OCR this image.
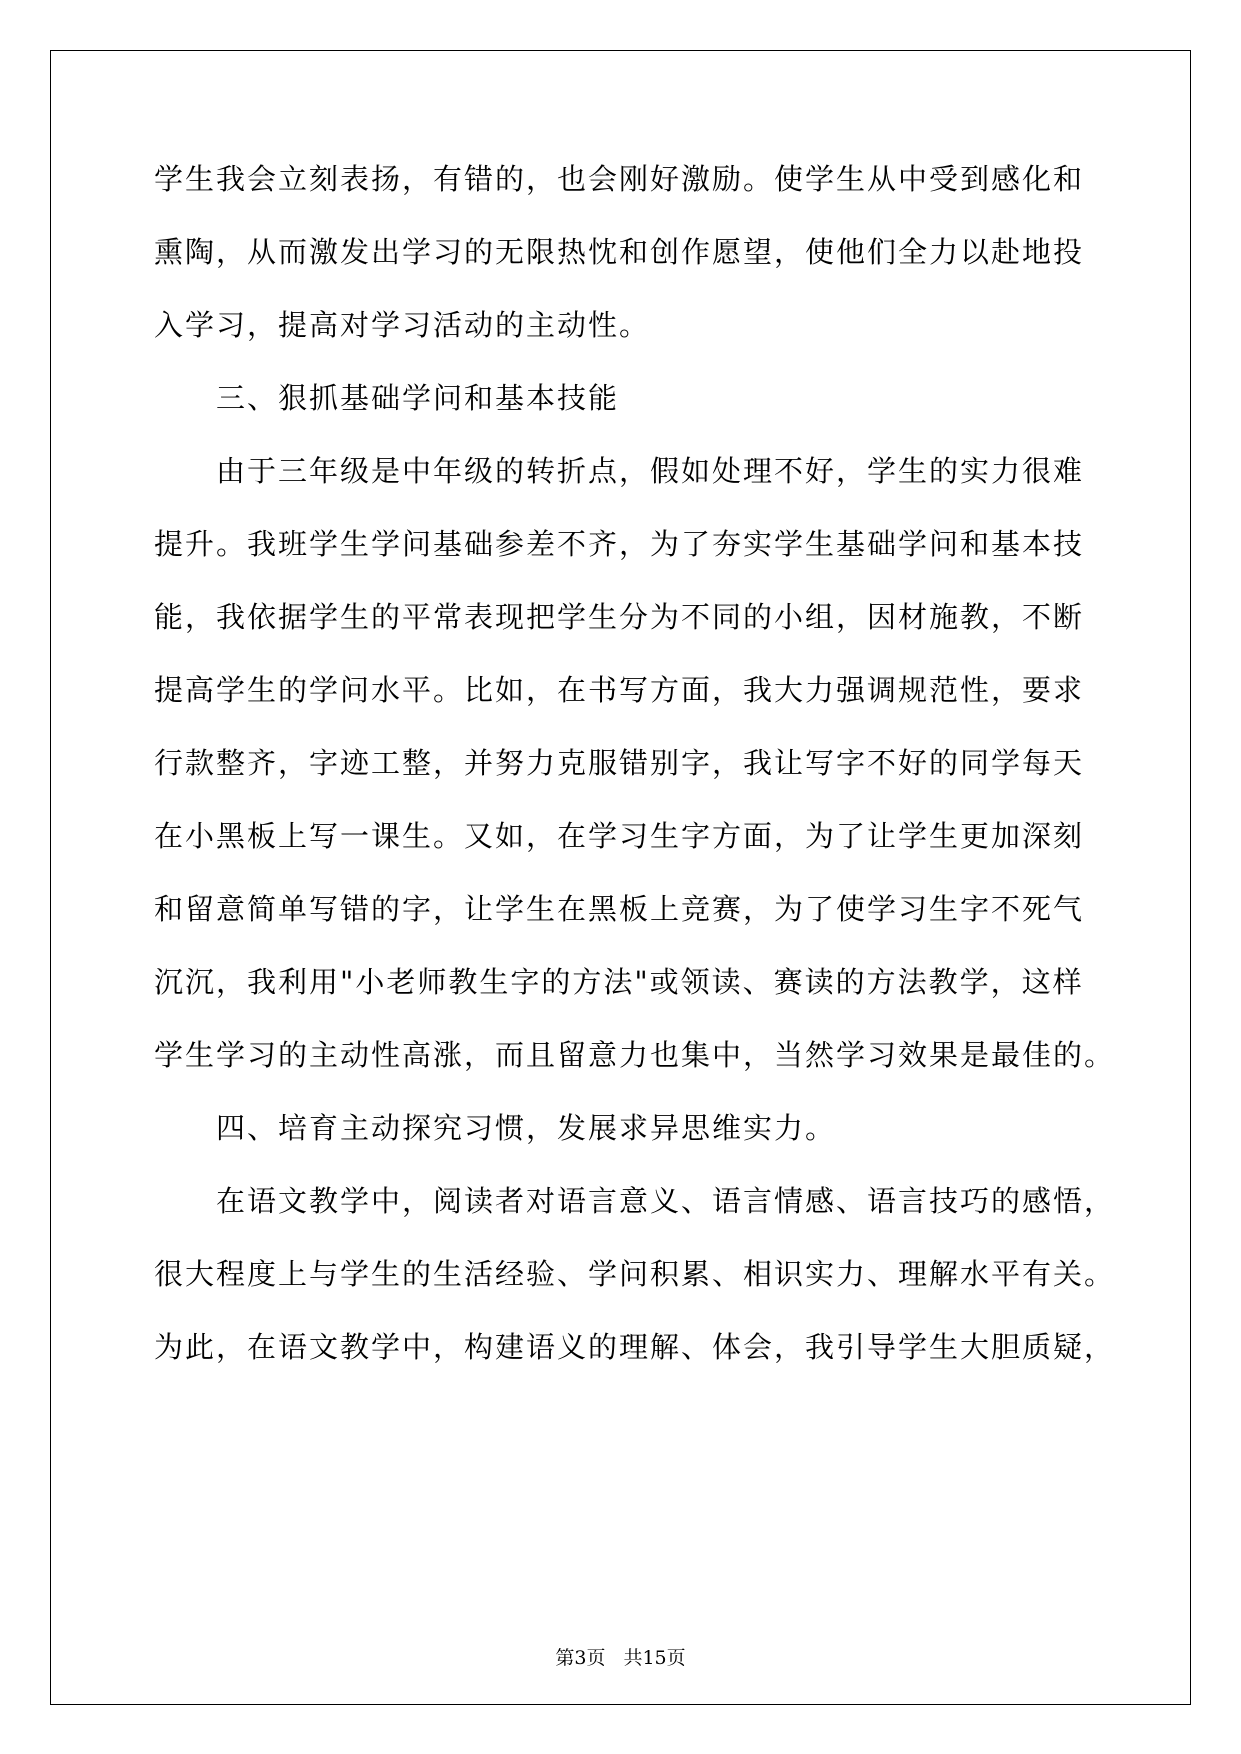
学生我会立刻表扬，有错的，也会刚好激励。使学生从中受到感化和
熏陶，从而激发出学习的无限热忱和创作愿望，使他们全力以赴地投
入学习，提高对学习活动的主动性。
三、狠抓基础学问和基本技能
由于三年级是中年级的转折点，假如处理不好，学生的实力很难
提升。我班学生学问基础参差不齐，为了夯实学生基础学问和基本技
能，我依据学生的平常表现把学生分为不同的小组，因材施教，不断
提高学生的学问水平。比如，在书写方面，我大力强调规范性，要求
行款整齐，字迹工整，并努力克服错别字，我让写字不好的同学每天
在小黑板上写一课生。又如，在学习生字方面，为了让学生更加深刻
和留意简单写错的字，让学生在黑板上竞赛，为了使学习生字不死气
沉沉，我利用"小老师教生字的方法"或领读、赛读的方法教学，这样
学生学习的主动性高涨，而且留意力也集中，当然学习效果是最佳的。
四、培育主动探究习惯，发展求异思维实力。
在语文教学中，阅读者对语言意义、语言情感、语言技巧的感悟，
很大程度上与学生的生活经验、学问积累、相识实力、理解水平有关。
为此，在语文教学中，构建语义的理解、体会，我引导学生大胆质疑，
第3页 共15页
